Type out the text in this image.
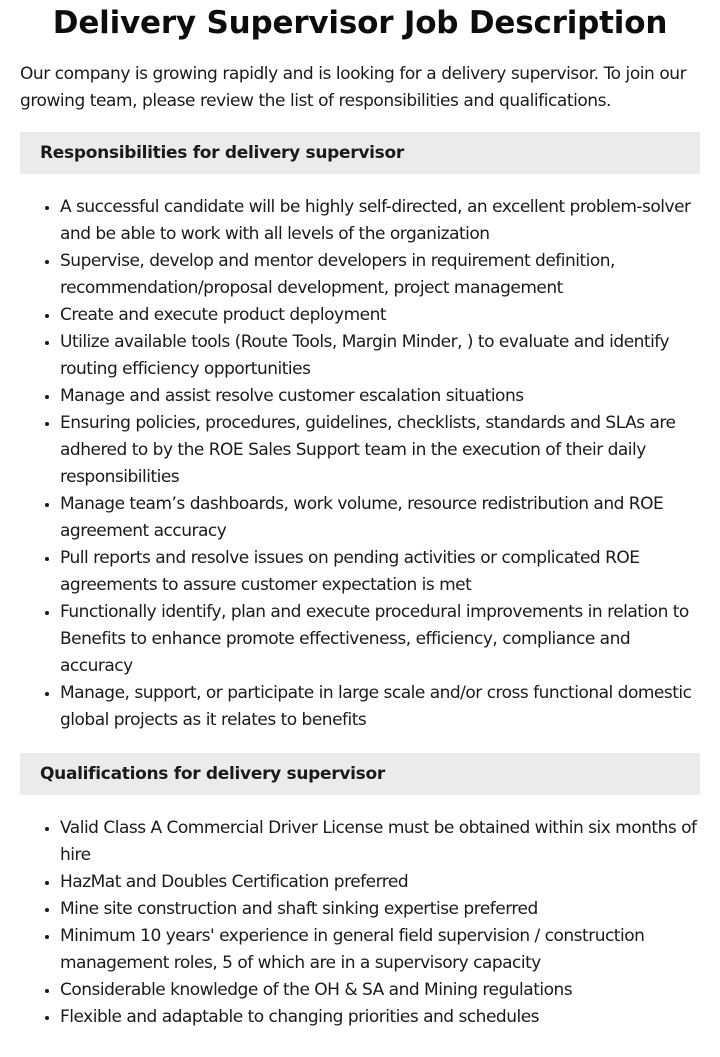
Delivery Supervisor Job Description

Our company is growing rapidly and is looking for a delivery supervisor. To join our growing team, please review the list of responsibilities and qualifications.

Responsibilities for delivery supervisor
• A successful candidate will be highly self-directed, an excellent problem-solver and be able to work with all levels of the organization
• Supervise, develop and mentor developers in requirement definition, recommendation/proposal development, project management
• Create and execute product deployment
• Utilize available tools (Route Tools, Margin Minder, ) to evaluate and identify routing efficiency opportunities
• Manage and assist resolve customer escalation situations
• Ensuring policies, procedures, guidelines, checklists, standards and SLAs are adhered to by the ROE Sales Support team in the execution of their daily responsibilities
• Manage team’s dashboards, work volume, resource redistribution and ROE agreement accuracy
• Pull reports and resolve issues on pending activities or complicated ROE agreements to assure customer expectation is met
• Functionally identify, plan and execute procedural improvements in relation to Benefits to enhance promote effectiveness, efficiency, compliance and accuracy
• Manage, support, or participate in large scale and/or cross functional domestic global projects as it relates to benefits
Qualifications for delivery supervisor
• Valid Class A Commercial Driver License must be obtained within six months of hire
• HazMat and Doubles Certification preferred
• Mine site construction and shaft sinking expertise preferred
• Minimum 10 years' experience in general field supervision / construction management roles, 5 of which are in a supervisory capacity
• Considerable knowledge of the OH & SA and Mining regulations
• Flexible and adaptable to changing priorities and schedules
